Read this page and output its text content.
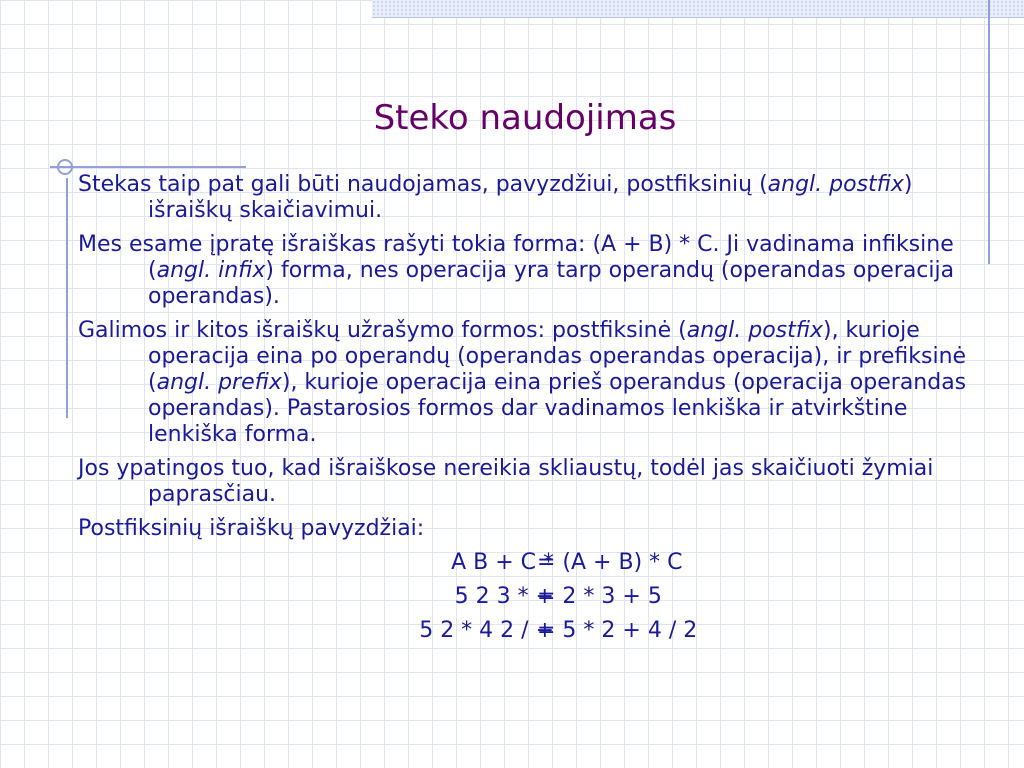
Steko naudojimas
Stekas taip pat gali būti naudojamas, pavyzdžiui, postfiksinių (angl. postfix) išraiškų skaičiavimui.
Mes esame įpratę išraiškas rašyti tokia forma: (A + B) * C. Ji vadinama infiksine (angl. infix) forma, nes operacija yra tarp operandų (operandas operacija operandas).
Galimos ir kitos išraiškų užrašymo formos: postfiksinė (angl. postfix), kurioje operacija eina po operandų (operandas operandas operacija), ir prefiksinė (angl. prefix), kurioje operacija eina prieš operandus (operacija operandas operandas). Pastarosios formos dar vadinamos lenkiška ir atvirkštine lenkiška forma.
Jos ypatingos tuo, kad išraiškose nereikia skliaustų, todėl jas skaičiuoti žymiai paprasčiau.
Postfiksinių išraiškų pavyzdžiai:
A B + C *
= (A + B) * C
5 2 3 * +
= 2 * 3 + 5
5 2 * 4 2 / +
= 5 * 2 + 4 / 2
